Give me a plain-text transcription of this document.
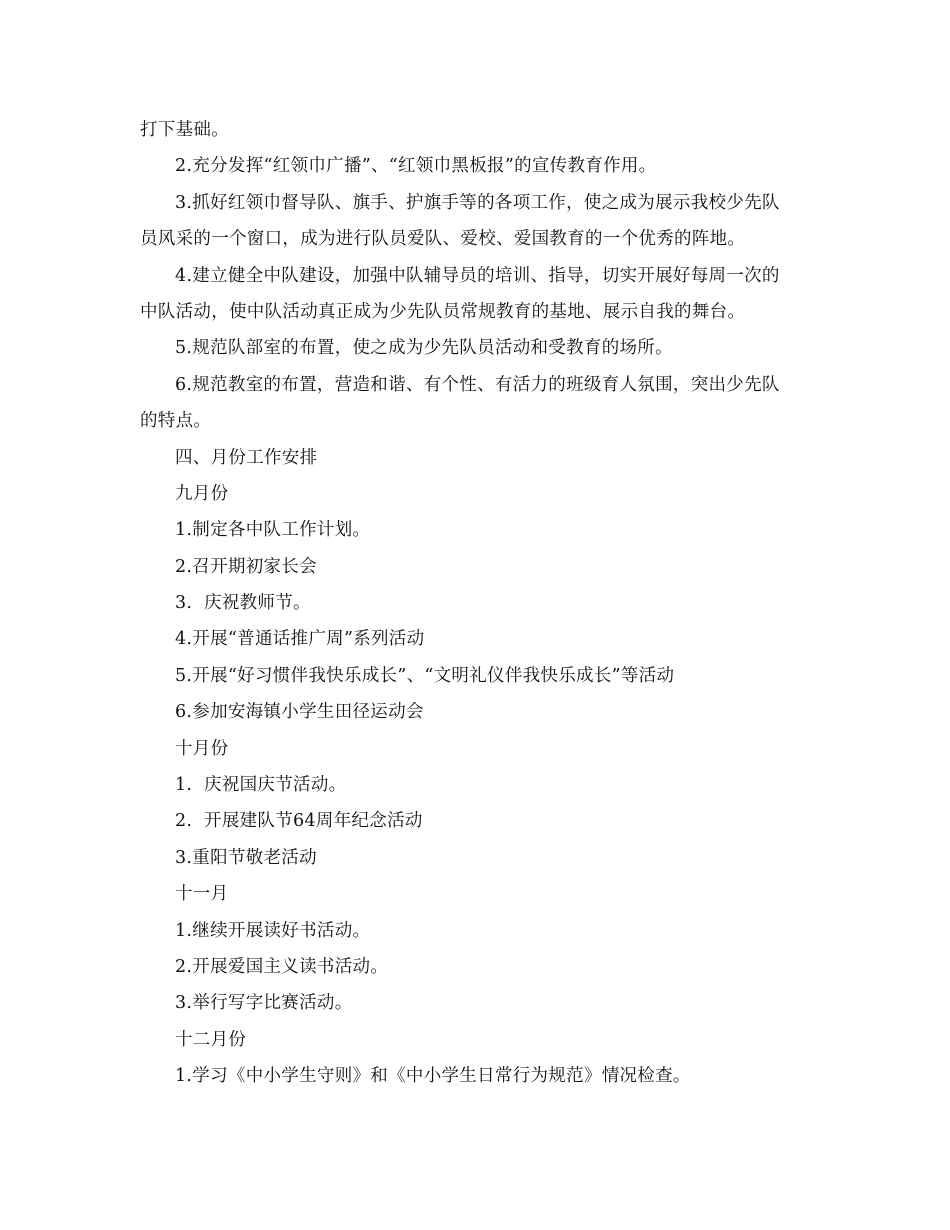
打下基础。
2.充分发挥“红领巾广播”、“红领巾黑板报”的宣传教育作用。
3.抓好红领巾督导队、旗手、护旗手等的各项工作，使之成为展示我校少先队
员风采的一个窗口，成为进行队员爱队、爱校、爱国教育的一个优秀的阵地。
4.建立健全中队建设，加强中队辅导员的培训、指导，切实开展好每周一次的
中队活动，使中队活动真正成为少先队员常规教育的基地、展示自我的舞台。
5.规范队部室的布置，使之成为少先队员活动和受教育的场所。
6.规范教室的布置，营造和谐、有个性、有活力的班级育人氛围，突出少先队
的特点。
四、月份工作安排
九月份
1.制定各中队工作计划。
2.召开期初家长会
3.  庆祝教师节。
4.开展“普通话推广周”系列活动
5.开展“好习惯伴我快乐成长”、“文明礼仪伴我快乐成长”等活动
6.参加安海镇小学生田径运动会
十月份
1.  庆祝国庆节活动。
2.  开展建队节64周年纪念活动
3.重阳节敬老活动
十一月
1.继续开展读好书活动。
2.开展爱国主义读书活动。
3.举行写字比赛活动。
十二月份
1.学习《中小学生守则》和《中小学生日常行为规范》情况检查。
